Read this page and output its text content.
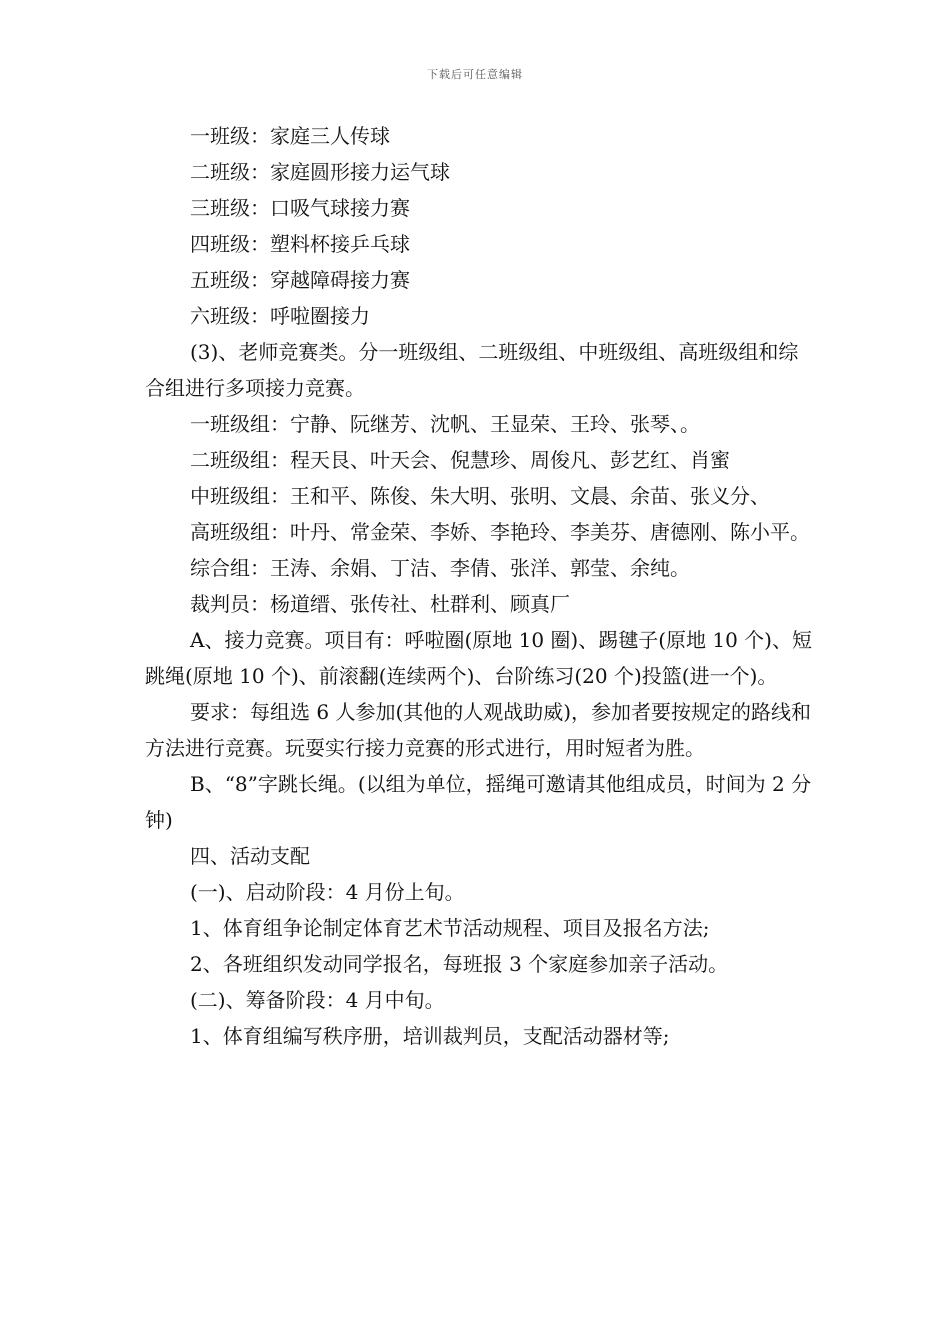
下载后可任意编辑

一班级：家庭三人传球

二班级：家庭圆形接力运气球

三班级：口吸气球接力赛

四班级：塑料杯接乒乓球

五班级：穿越障碍接力赛

六班级：呼啦圈接力

(3)、老师竞赛类。分一班级组、二班级组、中班级组、高班级组和综合组进行多项接力竞赛。

一班级组：宁静、阮继芳、沈帆、王显荣、王玲、张琴、。

二班级组：程天艮、叶天会、倪慧珍、周俊凡、彭艺红、肖蜜

中班级组：王和平、陈俊、朱大明、张明、文晨、余苗、张义分、

高班级组：叶丹、常金荣、李娇、李艳玲、李美芬、唐德刚、陈小平。

综合组：王涛、余娟、丁洁、李倩、张洋、郭莹、余纯。

裁判员：杨道缙、张传社、杜群利、顾真厂

A、接力竞赛。项目有：呼啦圈(原地 10 圈)、踢毽子(原地 10 个)、短跳绳(原地 10 个)、前滚翻(连续两个)、台阶练习(20 个)投篮(进一个)。

要求：每组选 6 人参加(其他的人观战助威)，参加者要按规定的路线和方法进行竞赛。玩耍实行接力竞赛的形式进行，用时短者为胜。

B、“8”字跳长绳。(以组为单位，摇绳可邀请其他组成员，时间为 2 分钟)

四、活动支配

(一)、启动阶段：4 月份上旬。

1、体育组争论制定体育艺术节活动规程、项目及报名方法;

2、各班组织发动同学报名，每班报 3 个家庭参加亲子活动。

(二)、筹备阶段：4 月中旬。

1、体育组编写秩序册，培训裁判员，支配活动器材等;
